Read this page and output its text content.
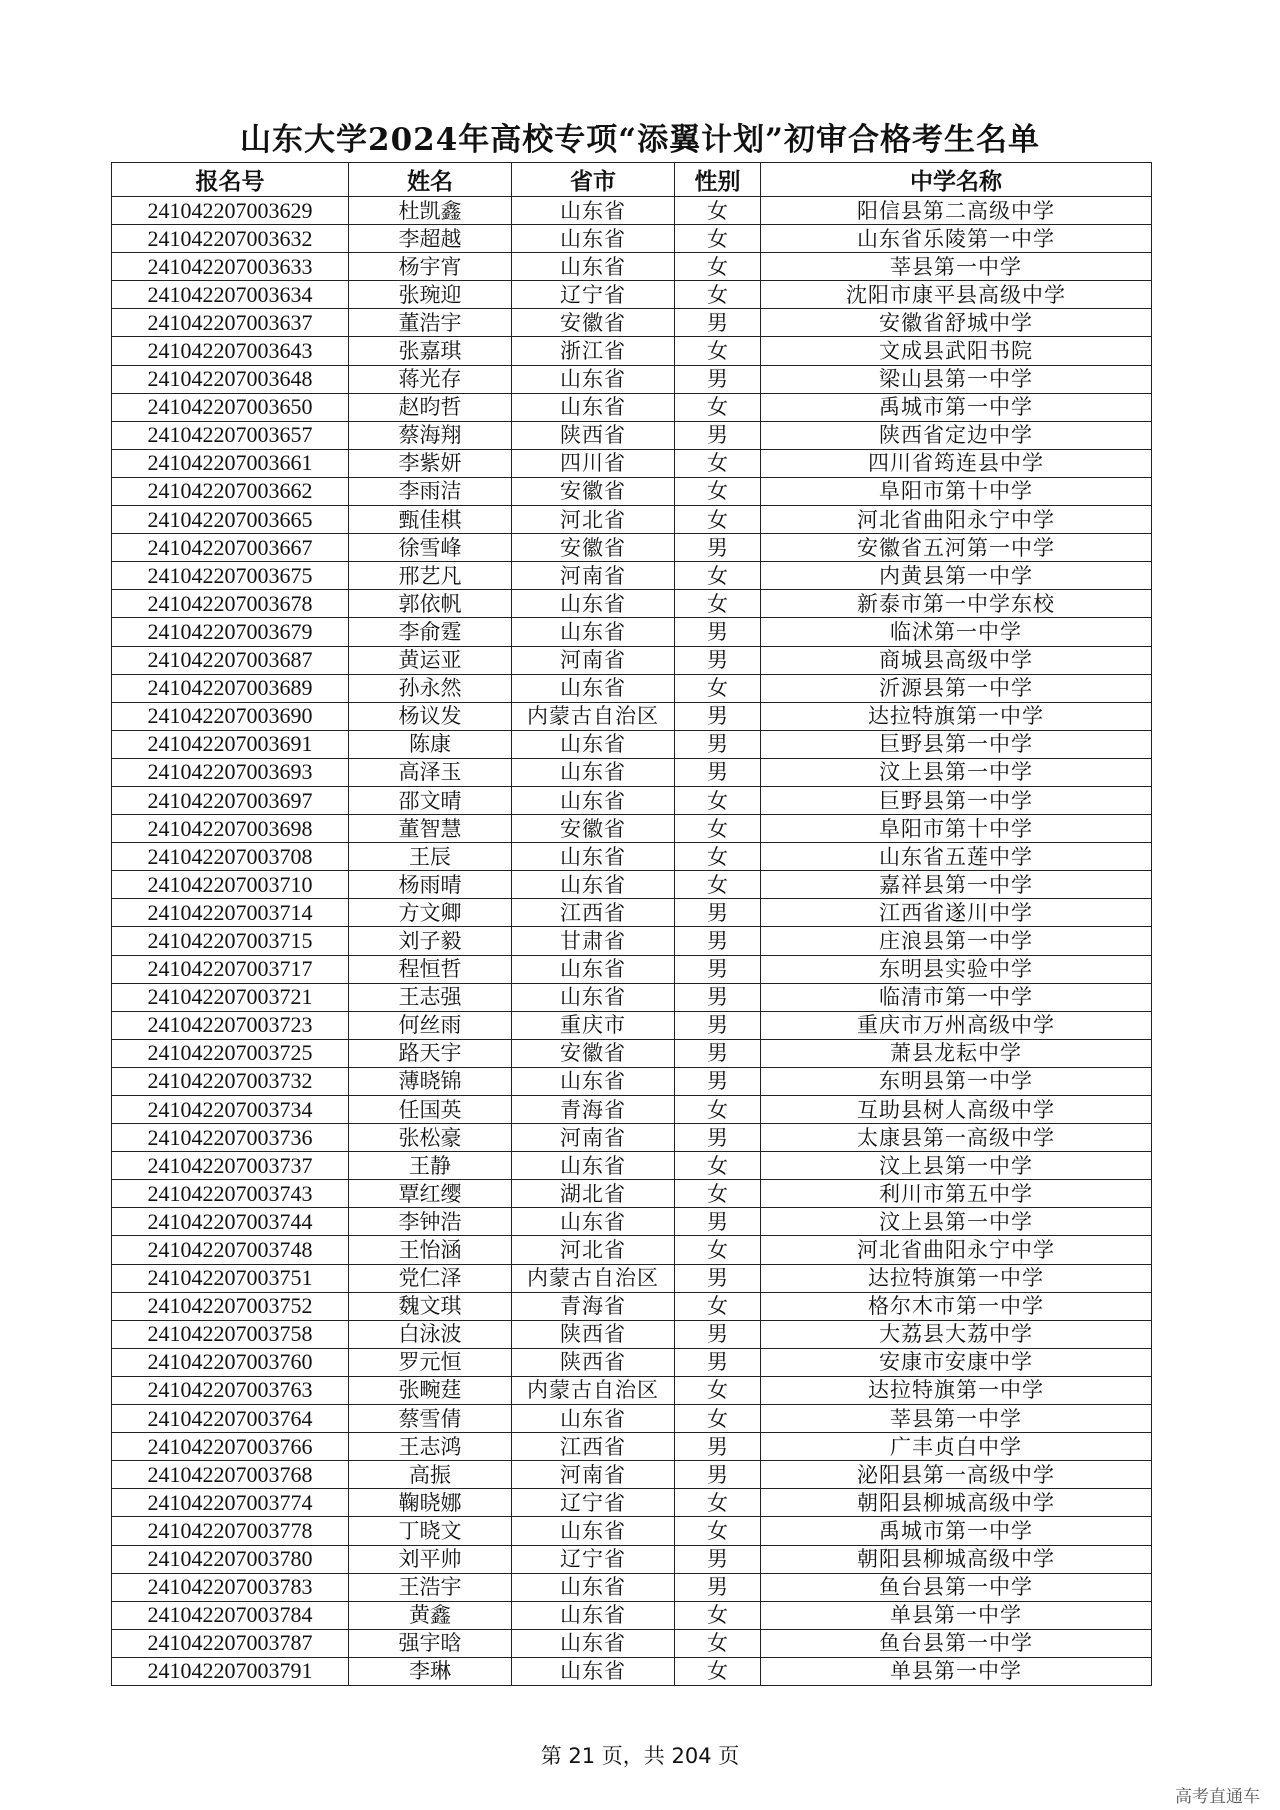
山东大学2024年高校专项“添翼计划”初审合格考生名单
报名号	姓名	省市	性别	中学名称
241042207003629	杜凯鑫	山东省	女	阳信县第二高级中学
241042207003632	李超越	山东省	女	山东省乐陵第一中学
241042207003633	杨宇宵	山东省	女	莘县第一中学
241042207003634	张琬迎	辽宁省	女	沈阳市康平县高级中学
241042207003637	董浩宇	安徽省	男	安徽省舒城中学
241042207003643	张嘉琪	浙江省	女	文成县武阳书院
241042207003648	蒋光存	山东省	男	梁山县第一中学
241042207003650	赵昀哲	山东省	女	禹城市第一中学
241042207003657	蔡海翔	陕西省	男	陕西省定边中学
241042207003661	李紫妍	四川省	女	四川省筠连县中学
241042207003662	李雨洁	安徽省	女	阜阳市第十中学
241042207003665	甄佳棋	河北省	女	河北省曲阳永宁中学
241042207003667	徐雪峰	安徽省	男	安徽省五河第一中学
241042207003675	邢艺凡	河南省	女	内黄县第一中学
241042207003678	郭依帆	山东省	女	新泰市第一中学东校
241042207003679	李俞霆	山东省	男	临沭第一中学
241042207003687	黄运亚	河南省	男	商城县高级中学
241042207003689	孙永然	山东省	女	沂源县第一中学
241042207003690	杨议发	内蒙古自治区	男	达拉特旗第一中学
241042207003691	陈康	山东省	男	巨野县第一中学
241042207003693	高泽玉	山东省	男	汶上县第一中学
241042207003697	邵文晴	山东省	女	巨野县第一中学
241042207003698	董智慧	安徽省	女	阜阳市第十中学
241042207003708	王辰	山东省	女	山东省五莲中学
241042207003710	杨雨晴	山东省	女	嘉祥县第一中学
241042207003714	方文卿	江西省	男	江西省遂川中学
241042207003715	刘子毅	甘肃省	男	庄浪县第一中学
241042207003717	程恒哲	山东省	男	东明县实验中学
241042207003721	王志强	山东省	男	临清市第一中学
241042207003723	何丝雨	重庆市	男	重庆市万州高级中学
241042207003725	路天宇	安徽省	男	萧县龙耘中学
241042207003732	薄晓锦	山东省	男	东明县第一中学
241042207003734	任国英	青海省	女	互助县树人高级中学
241042207003736	张松豪	河南省	男	太康县第一高级中学
241042207003737	王静	山东省	女	汶上县第一中学
241042207003743	覃红缨	湖北省	女	利川市第五中学
241042207003744	李钟浩	山东省	男	汶上县第一中学
241042207003748	王怡涵	河北省	女	河北省曲阳永宁中学
241042207003751	党仁泽	内蒙古自治区	男	达拉特旗第一中学
241042207003752	魏文琪	青海省	女	格尔木市第一中学
241042207003758	白泳波	陕西省	男	大荔县大荔中学
241042207003760	罗元恒	陕西省	男	安康市安康中学
241042207003763	张畹莛	内蒙古自治区	女	达拉特旗第一中学
241042207003764	蔡雪倩	山东省	女	莘县第一中学
241042207003766	王志鸿	江西省	男	广丰贞白中学
241042207003768	高振	河南省	男	泌阳县第一高级中学
241042207003774	鞠晓娜	辽宁省	女	朝阳县柳城高级中学
241042207003778	丁晓文	山东省	女	禹城市第一中学
241042207003780	刘平帅	辽宁省	男	朝阳县柳城高级中学
241042207003783	王浩宇	山东省	男	鱼台县第一中学
241042207003784	黄鑫	山东省	女	单县第一中学
241042207003787	强宇晗	山东省	女	鱼台县第一中学
241042207003791	李琳	山东省	女	单县第一中学
第 21 页，共 204 页
高考直通车
